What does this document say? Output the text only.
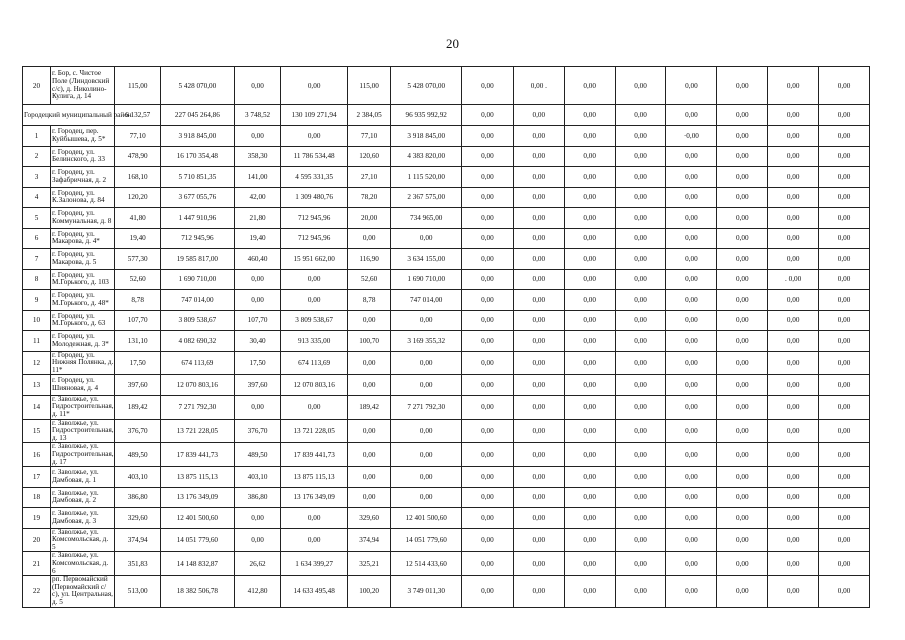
20
20	г. Бор, с. Чистое Поле (Линдовский с/с), д. Николино-Кулига, д. 14	115,00	5 428 070,00	0,00	0,00	115,00	5 428 070,00	0,00	0,00 .	0,00	0,00	0,00	0,00	0,00	0,00
Городецкий муниципальный район		6 132,57	227 045 264,86	3 748,52	130 109 271,94	2 384,05	96 935 992,92	0,00	0,00	0,00	0,00	0,00	0,00	0,00	0,00
1	г. Городец, пер. Куйбышева, д. 5*	77,10	3 918 845,00	0,00	0,00	77,10	3 918 845,00	0,00	0,00	0,00	0,00	·0,00	0,00	0,00	0,00
2	г. Городец, ул. Белинского, д. 33	478,90	16 170 354,48	358,30	11 786 534,48	120,60	4 383 820,00	0,00	0,00	0,00	0,00	0,00	0,00	0,00	0,00
3	г. Городец, ул. Зафабричная, д. 2	168,10	5 710 851,35	141,00	4 595 331,35	27,10	1 115 520,00	0,00	0,00	0,00	0,00	0,00	0,00	0,00	0,00
4	г. Городец, ул. К.Залонова, д. 84	120,20	3 677 055,76	42,00	1 309 480,76	78,20	2 367 575,00	0,00	0,00	0,00	0,00	0,00	0,00	0,00	0,00
5	г. Городец, ул. Коммунальная, д. 8	41,80	1 447 910,96	21,80	712 945,96	20,00	734 965,00	0,00	0,00	0,00	0,00	0,00	0,00	0,00	0,00
6	г. Городец, ул. Макарова, д. 4*	19,40	712 945,96	19,40	712 945,96	0,00	0,00	0,00	0,00	0,00	0,00	0,00	0,00	0,00	0,00
7	г. Городец, ул. Макарова, д. 5	577,30	19 585 817,00	460,40	15 951 662,00	116,90	3 634 155,00	0,00	0,00	0,00	0,00	0,00	0,00	0,00	0,00
8	г. Городец, ул. М.Горького, д. 103	52,60	1 690 710,00	0,00	0,00	52,60	1 690 710,00	0,00	0,00	0,00	0,00	0,00	0,00	. 0,00	0,00
9	г. Городец, ул. М.Горького, д. 48*	8,78	747 014,00	0,00	0,00	8,78	747 014,00	0,00	0,00	0,00	0,00	0,00	0,00	0,00	0,00
10	г. Городец, ул. М.Горького, д. 63	107,70	3 809 538,67	107,70	3 809 538,67	0,00	0,00	0,00	0,00	0,00	0,00	0,00	0,00	0,00	0,00
11	г. Городец, ул. Молодежная, д. 3*	131,10	4 082 690,32	30,40	913 335,00	100,70	3 169 355,32	0,00	0,00	0,00	0,00	0,00	0,00	0,00	0,00
12	г. Городец, ул. Нижняя Полянка, д. 11*	17,50	674 113,69	17,50	674 113,69	0,00	0,00	0,00	0,00	0,00	0,00	0,00	0,00	0,00	0,00
13	г. Городец, ул. Шияновая, д. 4	397,60	12 070 803,16	397,60	12 070 803,16	0,00	0,00	0,00	0,00	0,00	0,00	0,00	0,00	0,00	0,00
14	г. Заволжье, ул. Гидростроительная, д. 11*	189,42	7 271 792,30	0,00	0,00	189,42	7 271 792,30	0,00	0,00	0,00	0,00	0,00	0,00	0,00	0,00
15	г. Заволжье, ул. Гидростроительная, д. 13	376,70	13 721 228,05	376,70	13 721 228,05	0,00	0,00	0,00	0,00	0,00	0,00	0,00	0,00	0,00	0,00
16	г. Заволжье, ул. Гидростроительная, д. 17	489,50	17 839 441,73	489,50	17 839 441,73	0,00	0,00	0,00	0,00	0,00	0,00	0,00	0,00	0,00	0,00
17	г. Заволжье, ул. Дамбовая, д. 1	403,10	13 875 115,13	403,10	13 875 115,13	0,00	0,00	0,00	0,00	0,00	0,00	0,00	0,00	0,00	0,00
18	г. Заволжье, ул. Дамбовая, д. 2	386,80	13 176 349,09	386,80	13 176 349,09	0,00	0,00	0,00	0,00	0,00	0,00	0,00	0,00	0,00	0,00
19	г. Заволжье, ул. Дамбовая, д. 3	329,60	12 401 500,60	0,00	0,00	329,60	12 401 500,60	0,00	0,00	0,00	0,00	0,00	0,00	0,00	0,00
20	г. Заволжье, ул. Комсомольская, д. 5	374,94	14 051 779,60	0,00	0,00	374,94	14 051 779,60	0,00	0,00	0,00	0,00	0,00	0,00	0,00	0,00
21	г. Заволжье, ул. Комсомольская, д. 6	351,83	14 148 832,87	26,62	1 634 399,27	325,21	12 514 433,60	0,00	0,00	0,00	0,00	0,00	0,00	0,00	0,00
22	рп. Первомайский (Первомайский с/с), ул. Центральная, д. 5	513,00	18 382 506,78	412,80	14 633 495,48	100,20	3 749 011,30	0,00	0,00	0,00	0,00	0,00	0,00	0,00	0,00
